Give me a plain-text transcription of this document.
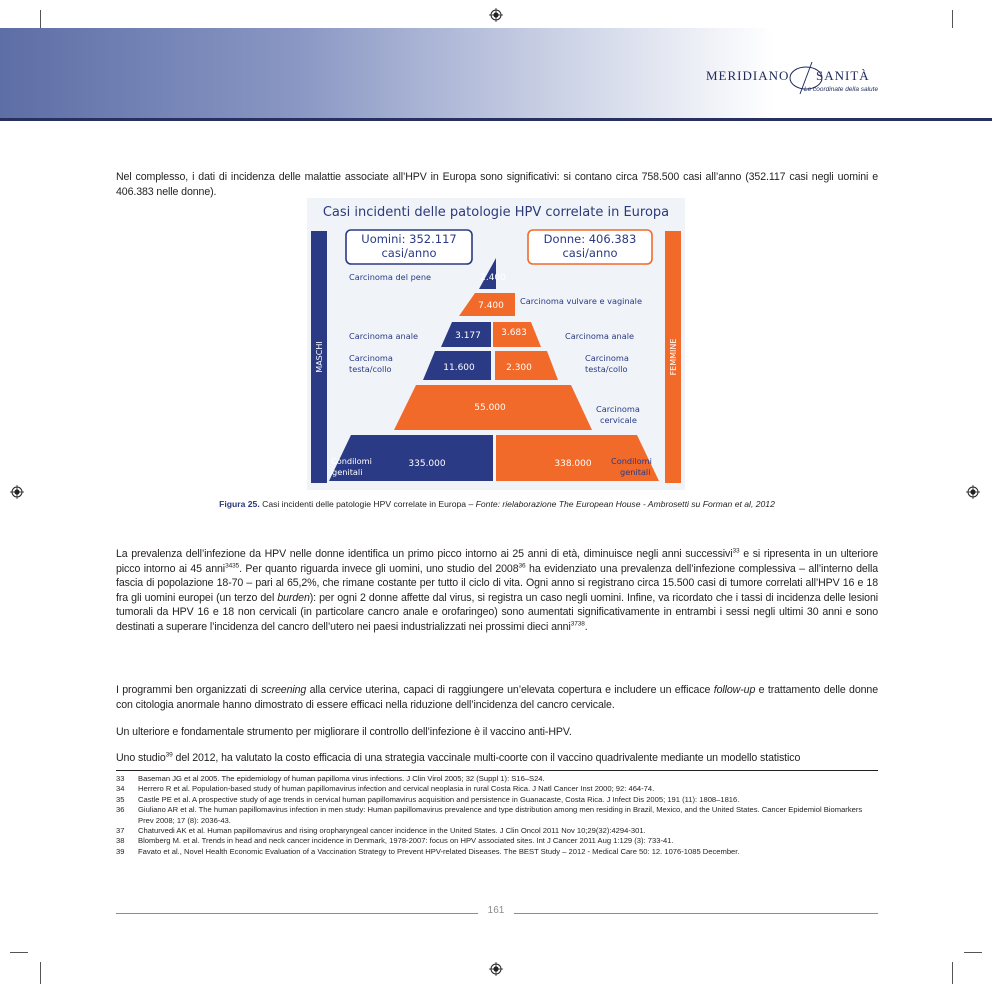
MERIDIANO SANITÀ
Le coordinate della salute

Nel complesso, i dati di incidenza delle malattie associate all’HPV in Europa sono significativi: si contano circa 758.500 casi all’anno (352.117 casi negli uomini e 406.383 nelle donne).

Casi incidenti delle patologie HPV correlate in Europa
MASCHI	FEMMINE
Uomini: 352.117
casi/anno
Donne: 406.383
casi/anno
2.400
Carcinoma del pene
7.400 Carcinoma vulvare e vaginale
3.177 3.683
Carcinoma anale	Carcinoma anale
11.600	2.300
Carcinoma
testa/collo
Carcinoma
testa/collo
55.000	Carcinoma
cervicale
335.000	338.000
Condilomi
genitali
Condilomi
genitali

Figura 25. Casi incidenti delle patologie HPV correlate in Europa – Fonte: rielaborazione The European House - Ambrosetti su Forman et al, 2012

La prevalenza dell’infezione da HPV nelle donne identifica un primo picco intorno ai 25 anni di età, diminuisce negli anni successivi$^{33}$ e si ripresenta in un ulteriore picco intorno ai 45 anni$^{3435}$. Per quanto riguarda invece gli uomini, uno studio del 2008$^{36}$ ha evidenziato una prevalenza dell’infezione complessiva – all’interno della fascia di popolazione 18-70 – pari al 65,2%, che rimane costante per tutto il ciclo di vita. Ogni anno si registrano circa 15.500 casi di tumore correlati all’HPV 16 e 18 fra gli uomini europei (un terzo del burden): per ogni 2 donne affette dal virus, si registra un caso negli uomini. Infine, va ricordato che i tassi di incidenza delle lesioni tumorali da HPV 16 e 18 non cervicali (in particolare cancro anale e orofaringeo) sono aumentati significativamente in entrambi i sessi negli ultimi 30 anni e sono destinati a superare l’incidenza del cancro dell’utero nei paesi industrializzati nei prossimi dieci anni$^{3738}$.

I programmi ben organizzati di screening alla cervice uterina, capaci di raggiungere un’elevata copertura e includere un efficace follow-up e trattamento delle donne con citologia anormale hanno dimostrato di essere efficaci nella riduzione dell’incidenza del cancro cervicale.

Un ulteriore e fondamentale strumento per migliorare il controllo dell’infezione è il vaccino anti-HPV.

Uno studio$^{39}$ del 2012, ha valutato la costo efficacia di una strategia vaccinale multi-coorte con il vaccino quadrivalente mediante un modello statistico

33	Baseman JG et al 2005. The epidemiology of human papilloma virus infections. J Clin Virol 2005; 32 (Suppl 1): S16–S24.
34	Herrero R et al. Population-based study of human papillomavirus infection and cervical neoplasia in rural Costa Rica. J Natl Cancer Inst 2000; 92: 464-74.
35	Castle PE et al. A prospective study of age trends in cervical human papillomavirus acquisition and persistence in Guanacaste, Costa Rica. J Infect Dis 2005; 191 (11): 1808–1816.
36	Giuliano AR et al. The human papillomavirus infection in men study: Human papillomavirus prevalence and type distribution among men residing in Brazil, Mexico, and the United States. Cancer Epidemiol Biomarkers Prev 2008; 17 (8): 2036-43.
37	Chaturvedi AK et al. Human papillomavirus and rising oropharyngeal cancer incidence in the United States. J Clin Oncol 2011 Nov 10;29(32):4294-301.
38	Blomberg M. et al. Trends in head and neck cancer incidence in Denmark, 1978-2007: focus on HPV associated sites. Int J Cancer 2011 Aug 1:129 (3): 733-41.
39	Favato et al., Novel Health Economic Evaluation of a Vaccination Strategy to Prevent HPV-related Diseases. The BEST Study – 2012 - Medical Care 50: 12. 1076-1085 December.
161
